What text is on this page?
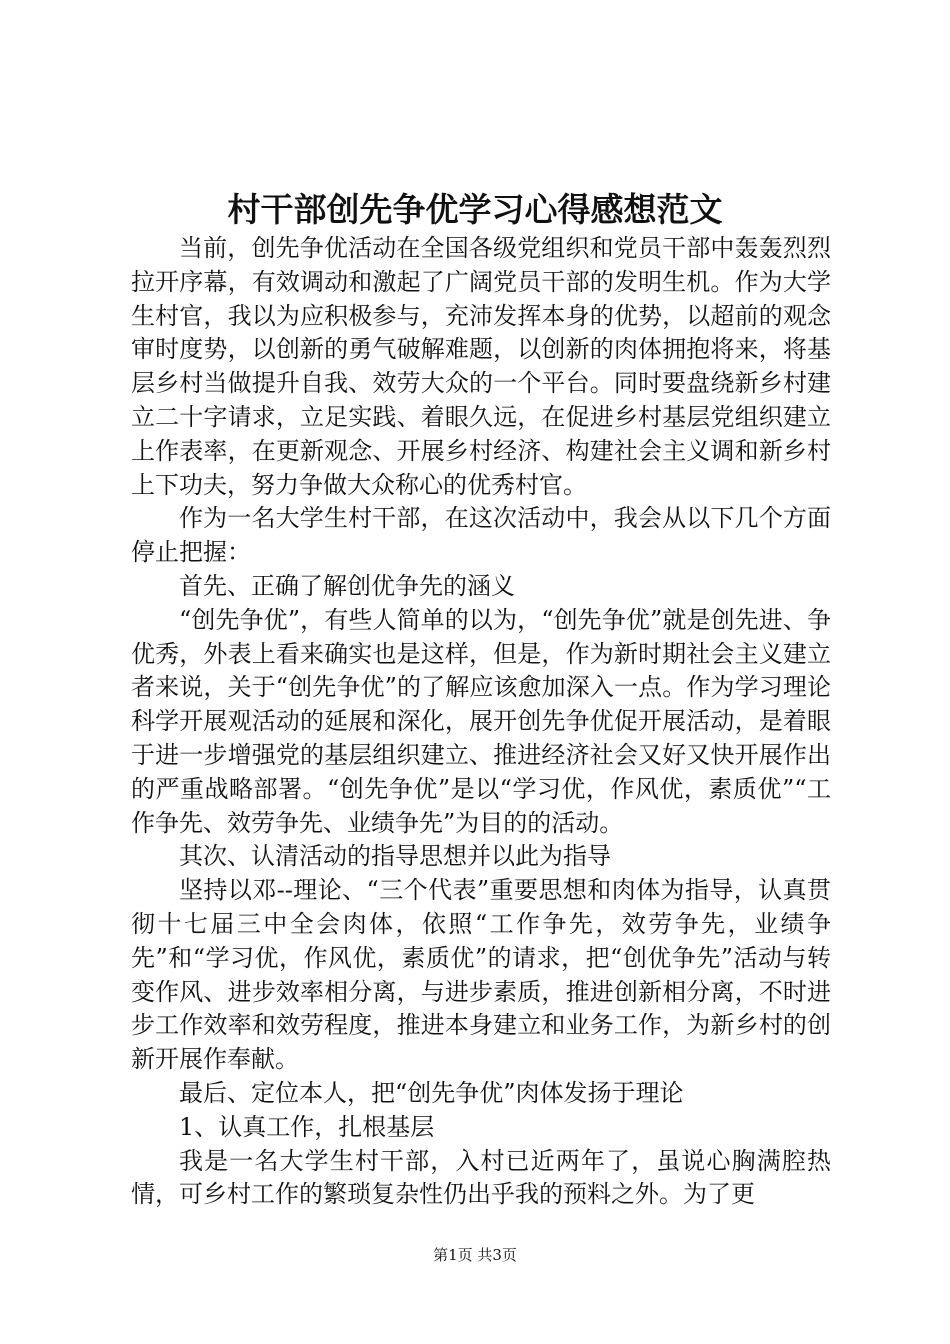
村干部创先争优学习心得感想范文

当前，创先争优活动在全国各级党组织和党员干部中轰轰烈烈拉开序幕，有效调动和激起了广阔党员干部的发明生机。作为大学生村官，我以为应积极参与，充沛发挥本身的优势，以超前的观念审时度势，以创新的勇气破解难题，以创新的肉体拥抱将来，将基层乡村当做提升自我、效劳大众的一个平台。同时要盘绕新乡村建立二十字请求，立足实践、着眼久远，在促进乡村基层党组织建立上作表率，在更新观念、开展乡村经济、构建社会主义调和新乡村上下功夫，努力争做大众称心的优秀村官。

作为一名大学生村干部，在这次活动中，我会从以下几个方面停止把握：

首先、正确了解创优争先的涵义

“创先争优”，有些人简单的以为，“创先争优”就是创先进、争优秀，外表上看来确实也是这样，但是，作为新时期社会主义建立者来说，关于“创先争优”的了解应该愈加深入一点。作为学习理论科学开展观活动的延展和深化，展开创先争优促开展活动，是着眼于进一步增强党的基层组织建立、推进经济社会又好又快开展作出的严重战略部署。“创先争优”是以“学习优，作风优，素质优”“工作争先、效劳争先、业绩争先”为目的的活动。

其次、认清活动的指导思想并以此为指导

坚持以邓--理论、“三个代表”重要思想和肉体为指导，认真贯彻十七届三中全会肉体，依照“工作争先，效劳争先，业绩争先”和“学习优，作风优，素质优”的请求，把“创优争先”活动与转变作风、进步效率相分离，与进步素质，推进创新相分离，不时进步工作效率和效劳程度，推进本身建立和业务工作，为新乡村的创新开展作奉献。

最后、定位本人，把“创先争优”肉体发扬于理论

1、认真工作，扎根基层

我是一名大学生村干部，入村已近两年了，虽说心胸满腔热情，可乡村工作的繁琐复杂性仍出乎我的预料之外。为了更

第1页 共3页
